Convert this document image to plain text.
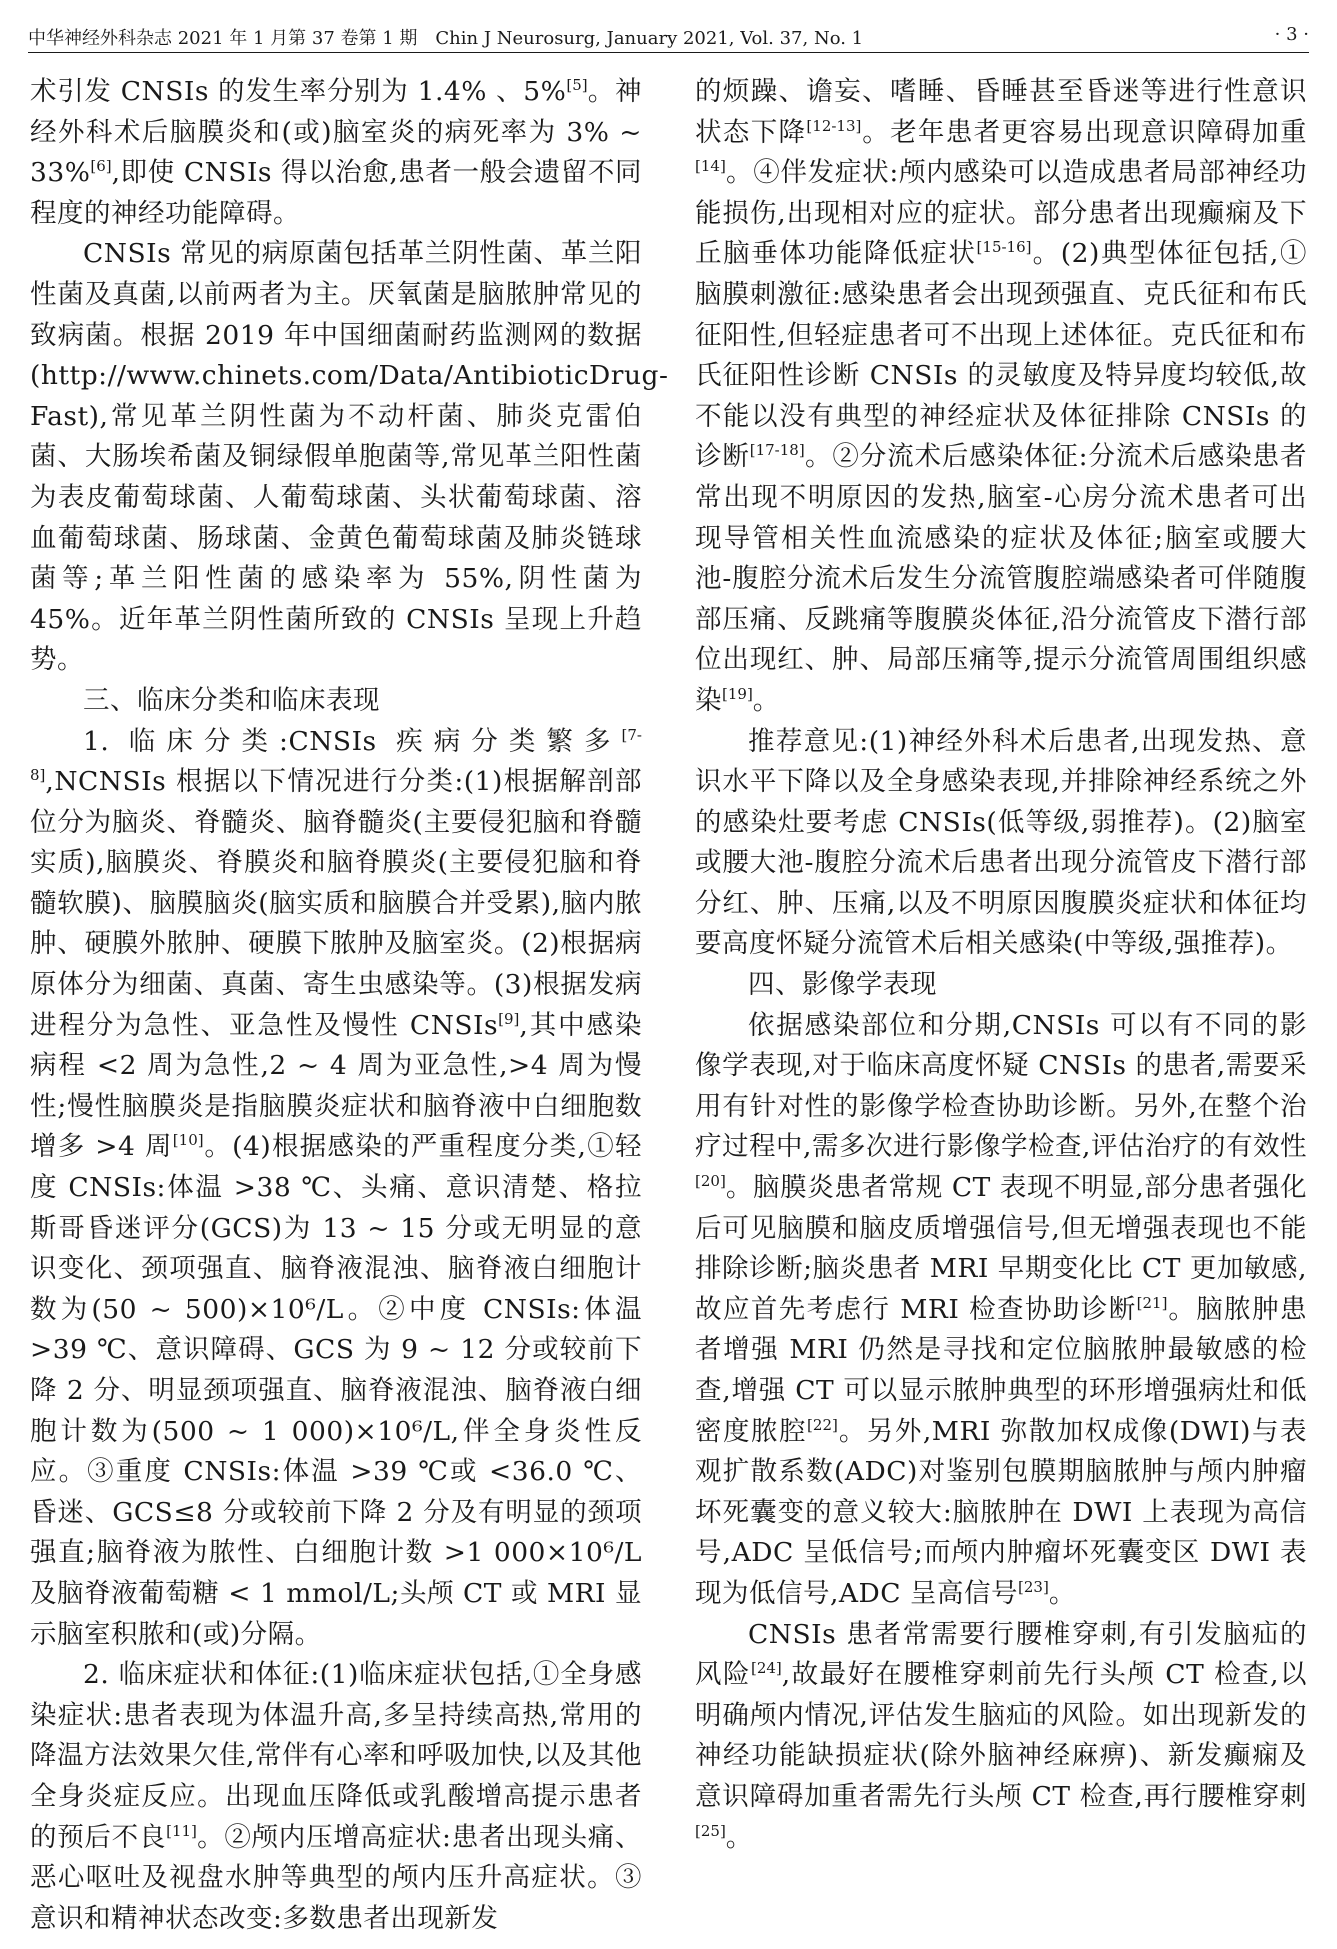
中华神经外科杂志 2021 年 1 月第 37 卷第 1 期　Chin J Neurosurg, January 2021, Vol. 37, No. 1	· 3 ·

术引发 CNSIs 的发生率分别为 1.4% 、5%[5]。神经外科术后脑膜炎和(或)脑室炎的病死率为 3% ~ 33%[6],即使 CNSIs 得以治愈,患者一般会遗留不同程度的神经功能障碍。

CNSIs 常见的病原菌包括革兰阴性菌、革兰阳性菌及真菌,以前两者为主。厌氧菌是脑脓肿常见的致病菌。根据 2019 年中国细菌耐药监测网的数据(http://www.chinets.com/Data/AntibioticDrug-Fast),常见革兰阴性菌为不动杆菌、肺炎克雷伯菌、大肠埃希菌及铜绿假单胞菌等,常见革兰阳性菌为表皮葡萄球菌、人葡萄球菌、头状葡萄球菌、溶血葡萄球菌、肠球菌、金黄色葡萄球菌及肺炎链球菌等;革兰阳性菌的感染率为 55%,阴性菌为 45%。近年革兰阴性菌所致的 CNSIs 呈现上升趋势。

三、临床分类和临床表现

1. 临床分类:CNSIs 疾病分类繁多[7-8],NCNSIs 根据以下情况进行分类:(1)根据解剖部位分为脑炎、脊髓炎、脑脊髓炎(主要侵犯脑和脊髓实质),脑膜炎、脊膜炎和脑脊膜炎(主要侵犯脑和脊髓软膜)、脑膜脑炎(脑实质和脑膜合并受累),脑内脓肿、硬膜外脓肿、硬膜下脓肿及脑室炎。(2)根据病原体分为细菌、真菌、寄生虫感染等。(3)根据发病进程分为急性、亚急性及慢性 CNSIs[9],其中感染病程 <2 周为急性,2 ~ 4 周为亚急性,>4 周为慢性;慢性脑膜炎是指脑膜炎症状和脑脊液中白细胞数增多 >4 周[10]。(4)根据感染的严重程度分类,①轻度 CNSIs:体温 >38 ℃、头痛、意识清楚、格拉斯哥昏迷评分(GCS)为 13 ~ 15 分或无明显的意识变化、颈项强直、脑脊液混浊、脑脊液白细胞计数为(50 ~ 500)×10⁶/L。②中度 CNSIs:体温 >39 ℃、意识障碍、GCS 为 9 ~ 12 分或较前下降 2 分、明显颈项强直、脑脊液混浊、脑脊液白细胞计数为(500 ~ 1 000)×10⁶/L,伴全身炎性反应。③重度 CNSIs:体温 >39 ℃或 <36.0 ℃、昏迷、GCS≤8 分或较前下降 2 分及有明显的颈项强直;脑脊液为脓性、白细胞计数 >1 000×10⁶/L 及脑脊液葡萄糖 < 1 mmol/L;头颅 CT 或 MRI 显示脑室积脓和(或)分隔。

2. 临床症状和体征:(1)临床症状包括,①全身感染症状:患者表现为体温升高,多呈持续高热,常用的降温方法效果欠佳,常伴有心率和呼吸加快,以及其他全身炎症反应。出现血压降低或乳酸增高提示患者的预后不良[11]。②颅内压增高症状:患者出现头痛、恶心呕吐及视盘水肿等典型的颅内压升高症状。③意识和精神状态改变:多数患者出现新发

的烦躁、谵妄、嗜睡、昏睡甚至昏迷等进行性意识状态下降[12-13]。老年患者更容易出现意识障碍加重[14]。④伴发症状:颅内感染可以造成患者局部神经功能损伤,出现相对应的症状。部分患者出现癫痫及下丘脑垂体功能降低症状[15-16]。(2)典型体征包括,①脑膜刺激征:感染患者会出现颈强直、克氏征和布氏征阳性,但轻症患者可不出现上述体征。克氏征和布氏征阳性诊断 CNSIs 的灵敏度及特异度均较低,故不能以没有典型的神经症状及体征排除 CNSIs 的诊断[17-18]。②分流术后感染体征:分流术后感染患者常出现不明原因的发热,脑室-心房分流术患者可出现导管相关性血流感染的症状及体征;脑室或腰大池-腹腔分流术后发生分流管腹腔端感染者可伴随腹部压痛、反跳痛等腹膜炎体征,沿分流管皮下潜行部位出现红、肿、局部压痛等,提示分流管周围组织感染[19]。

推荐意见:(1)神经外科术后患者,出现发热、意识水平下降以及全身感染表现,并排除神经系统之外的感染灶要考虑 CNSIs(低等级,弱推荐)。(2)脑室或腰大池-腹腔分流术后患者出现分流管皮下潜行部分红、肿、压痛,以及不明原因腹膜炎症状和体征均要高度怀疑分流管术后相关感染(中等级,强推荐)。

四、影像学表现

依据感染部位和分期,CNSIs 可以有不同的影像学表现,对于临床高度怀疑 CNSIs 的患者,需要采用有针对性的影像学检查协助诊断。另外,在整个治疗过程中,需多次进行影像学检查,评估治疗的有效性[20]。脑膜炎患者常规 CT 表现不明显,部分患者强化后可见脑膜和脑皮质增强信号,但无增强表现也不能排除诊断;脑炎患者 MRI 早期变化比 CT 更加敏感,故应首先考虑行 MRI 检查协助诊断[21]。脑脓肿患者增强 MRI 仍然是寻找和定位脑脓肿最敏感的检查,增强 CT 可以显示脓肿典型的环形增强病灶和低密度脓腔[22]。另外,MRI 弥散加权成像(DWI)与表观扩散系数(ADC)对鉴别包膜期脑脓肿与颅内肿瘤坏死囊变的意义较大:脑脓肿在 DWI 上表现为高信号,ADC 呈低信号;而颅内肿瘤坏死囊变区 DWI 表现为低信号,ADC 呈高信号[23]。

CNSIs 患者常需要行腰椎穿刺,有引发脑疝的风险[24],故最好在腰椎穿刺前先行头颅 CT 检查,以明确颅内情况,评估发生脑疝的风险。如出现新发的神经功能缺损症状(除外脑神经麻痹)、新发癫痫及意识障碍加重者需先行头颅 CT 检查,再行腰椎穿刺[25]。
